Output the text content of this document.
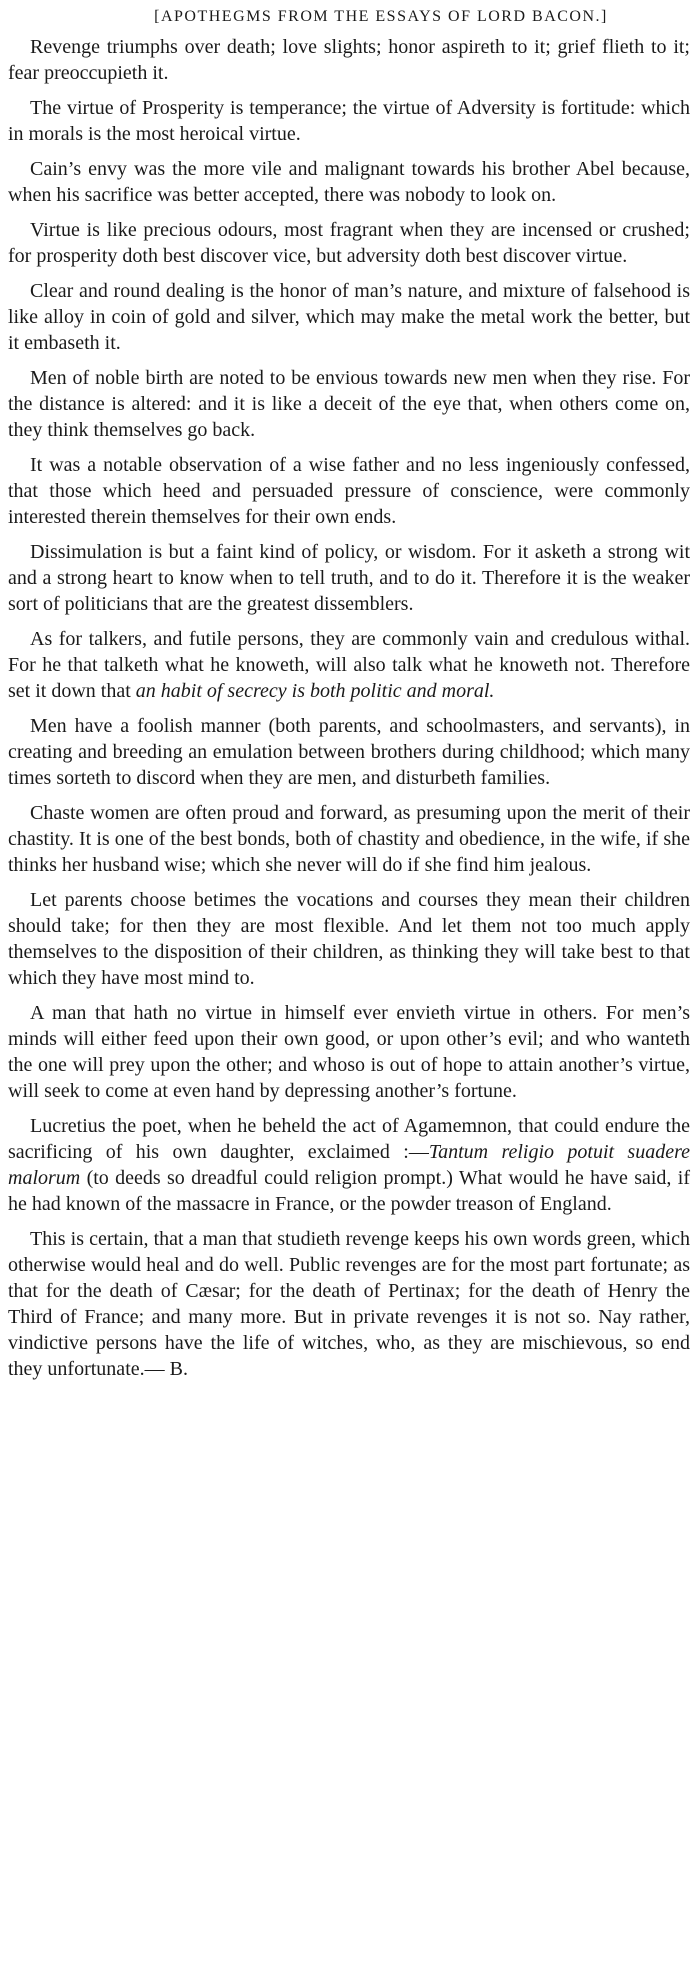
[APOTHEGMS FROM THE ESSAYS OF LORD BACON.]

Revenge triumphs over death; love slights; honor aspireth to it; grief flieth to it; fear preoccupieth it.

The virtue of Prosperity is temperance; the virtue of Adversity is fortitude: which in morals is the most heroical virtue.

Cain’s envy was the more vile and malignant towards his brother Abel because, when his sacrifice was better accepted, there was nobody to look on.

Virtue is like precious odours, most fragrant when they are incensed or crushed; for prosperity doth best discover vice, but adversity doth best discover virtue.

Clear and round dealing is the honor of man’s nature, and mixture of falsehood is like alloy in coin of gold and silver, which may make the metal work the better, but it embaseth it.

Men of noble birth are noted to be envious towards new men when they rise. For the distance is altered: and it is like a deceit of the eye that, when others come on, they think themselves go back.

It was a notable observation of a wise father and no less ingeniously confessed, that those which heed and persuaded pressure of conscience, were commonly interested therein themselves for their own ends.

Dissimulation is but a faint kind of policy, or wisdom. For it asketh a strong wit and a strong heart to know when to tell truth, and to do it. Therefore it is the weaker sort of politicians that are the greatest dissemblers.

As for talkers, and futile persons, they are commonly vain and credulous withal. For he that talketh what he knoweth, will also talk what he knoweth not. Therefore set it down that an habit of secrecy is both politic and moral.

Men have a foolish manner (both parents, and schoolmasters, and servants), in creating and breeding an emulation between brothers during childhood; which many times sorteth to discord when they are men, and disturbeth families.

Chaste women are often proud and forward, as presuming upon the merit of their chastity. It is one of the best bonds, both of chastity and obedience, in the wife, if she thinks her husband wise; which she never will do if she find him jealous.

Let parents choose betimes the vocations and courses they mean their children should take; for then they are most flexible. And let them not too much apply themselves to the disposition of their children, as thinking they will take best to that which they have most mind to.

A man that hath no virtue in himself ever envieth virtue in others. For men’s minds will either feed upon their own good, or upon other’s evil; and who wanteth the one will prey upon the other; and whoso is out of hope to attain another’s virtue, will seek to come at even hand by depressing another’s fortune.

Lucretius the poet, when he beheld the act of Agamemnon, that could endure the sacrificing of his own daughter, exclaimed :—Tantum religio potuit suadere malorum (to deeds so dreadful could religion prompt.) What would he have said, if he had known of the massacre in France, or the powder treason of England.

This is certain, that a man that studieth revenge keeps his own words green, which otherwise would heal and do well. Public revenges are for the most part fortunate; as that for the death of Cæsar; for the death of Pertinax; for the death of Henry the Third of France; and many more. But in private revenges it is not so. Nay rather, vindictive persons have the life of witches, who, as they are mischievous, so end they unfortunate.— B.
